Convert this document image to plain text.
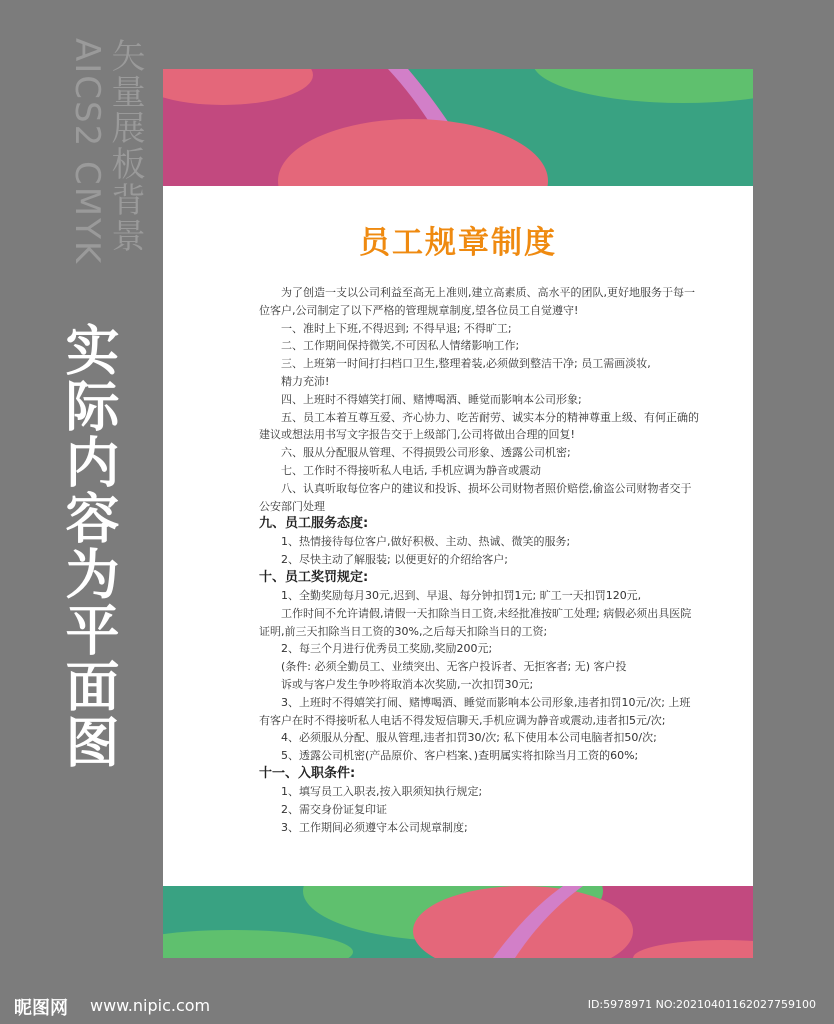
矢量展板背景
AICS2 CMYK
实际内容为平面图
员工规章制度

为了创造一支以公司利益至高无上准则,建立高素质、高水平的团队,更好地服务于每一

位客户,公司制定了以下严格的管理规章制度,望各位员工自觉遵守!

一、准时上下班,不得迟到; 不得早退; 不得旷工;

二、工作期间保持微笑,不可因私人情绪影响工作;

三、上班第一时间打扫档口卫生,整理着装,必须做到整洁干净; 员工需画淡妆,

精力充沛!

四、上班时不得嬉笑打闹、赌博喝酒、睡觉而影响本公司形象;

五、员工本着互尊互爱、齐心协力、吃苦耐劳、诚实本分的精神尊重上级、有何正确的

建议或想法用书写文字报告交于上级部门,公司将做出合理的回复!

六、服从分配服从管理、不得损毁公司形象、透露公司机密;

七、工作时不得接听私人电话, 手机应调为静音或震动

八、认真听取每位客户的建议和投诉、损坏公司财物者照价赔偿,偷盗公司财物者交于

公安部门处理

九、员工服务态度:

1、热情接待每位客户,做好积极、主动、热诚、微笑的服务;

2、尽快主动了解服装; 以便更好的介绍给客户;

十、员工奖罚规定:

1、全勤奖励每月30元,迟到、早退、每分钟扣罚1元; 旷工一天扣罚120元,

工作时间不允许请假,请假一天扣除当日工资,未经批准按旷工处理; 病假必须出具医院

证明,前三天扣除当日工资的30%,之后每天扣除当日的工资;

2、每三个月进行优秀员工奖励,奖励200元;

(条件: 必须全勤员工、业绩突出、无客户投诉者、无拒客者; 无) 客户投

诉或与客户发生争吵将取消本次奖励,一次扣罚30元;

3、上班时不得嬉笑打闹、赌博喝酒、睡觉而影响本公司形象,违者扣罚10元/次; 上班

有客户在时不得接听私人电话不得发短信聊天,手机应调为静音或震动,违者扣5元/次;

4、必须服从分配、服从管理,违者扣罚30/次; 私下使用本公司电脑者扣50/次;

5、透露公司机密(产品原价、客户档案、)查明属实将扣除当月工资的60%;

十一、入职条件:

1、填写员工入职表,按入职须知执行规定;

2、需交身份证复印证

3、工作期间必须遵守本公司规章制度;

昵图网 www.nipic.com	ID:5978971 NO:20210401162027759100
